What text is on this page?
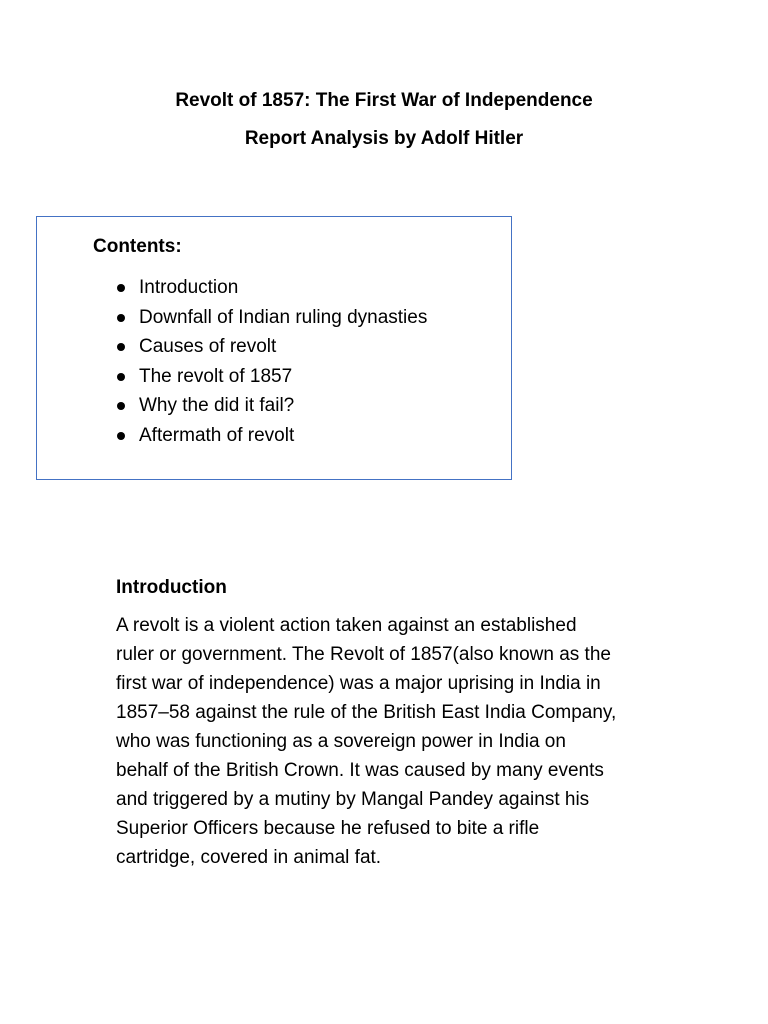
Revolt of 1857: The First War of Independence
Report Analysis by Adolf Hitler

Contents:

Introduction
Downfall of Indian ruling dynasties
Causes of revolt
The revolt of 1857
Why the did it fail?
Aftermath of revolt
Introduction

A revolt is a violent action taken against an established
ruler or government. The Revolt of 1857(also known as the
first war of independence) was a major uprising in India in
1857–58 against the rule of the British East India Company,
who was functioning as a sovereign power in India on
behalf of the British Crown. It was caused by many events
and triggered by a mutiny by Mangal Pandey against his
Superior Officers because he refused to bite a rifle
cartridge, covered in animal fat.
